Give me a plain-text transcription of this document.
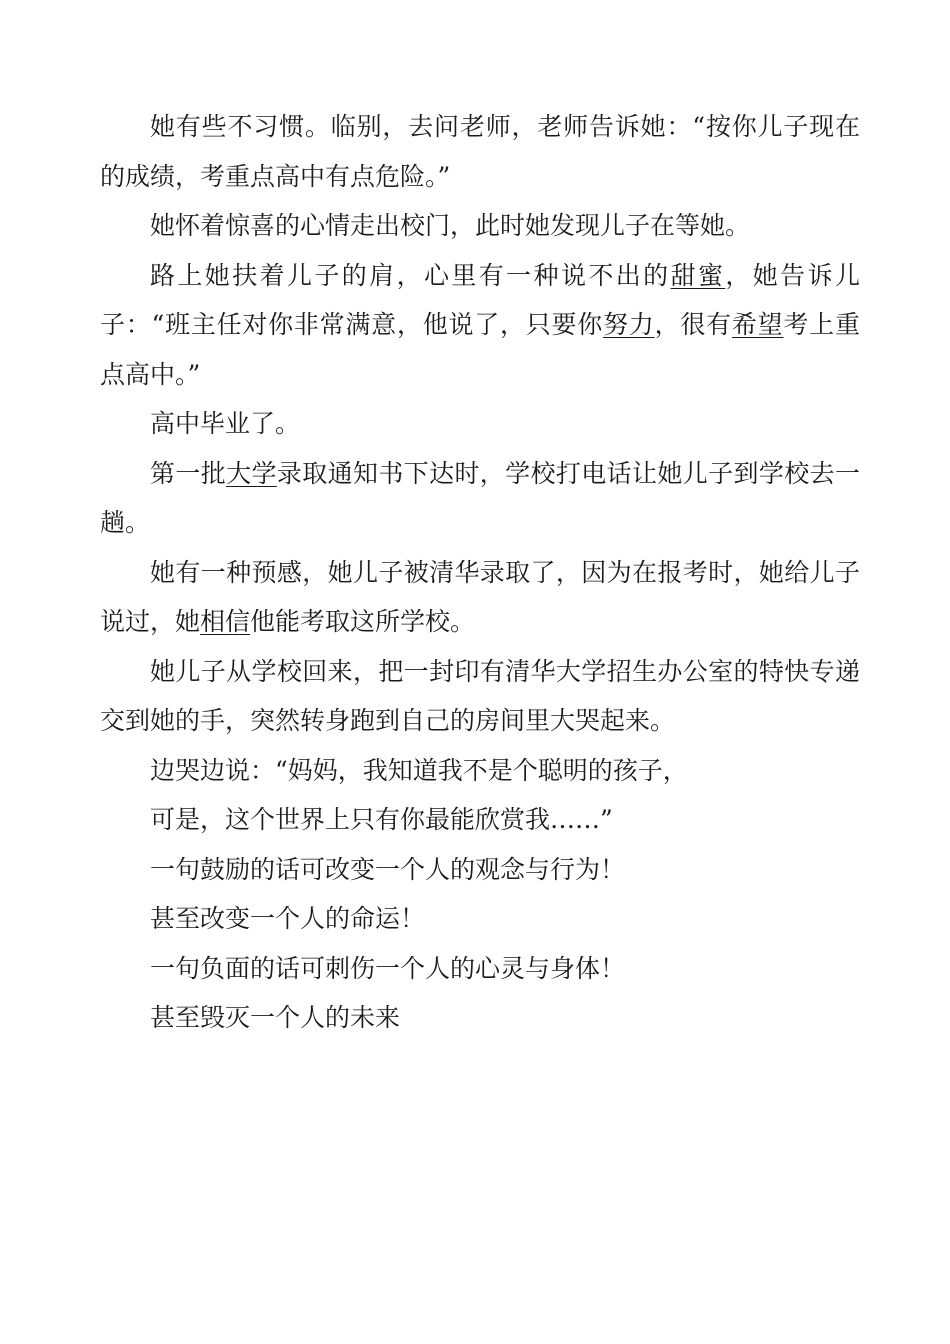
她有些不习惯。临别，去问老师，老师告诉她：“按你儿子现在的成绩，考重点高中有点危险。”

她怀着惊喜的心情走出校门，此时她发现儿子在等她。

路上她扶着儿子的肩，心里有一种说不出的甜蜜，她告诉儿子：“班主任对你非常满意，他说了，只要你努力，很有希望考上重点高中。”

高中毕业了。

第一批大学录取通知书下达时，学校打电话让她儿子到学校去一趟。

她有一种预感，她儿子被清华录取了，因为在报考时，她给儿子说过，她相信他能考取这所学校。

她儿子从学校回来，把一封印有清华大学招生办公室的特快专递交到她的手，突然转身跑到自己的房间里大哭起来。

边哭边说：“妈妈，我知道我不是个聪明的孩子，

可是，这个世界上只有你最能欣赏我……”

一句鼓励的话可改变一个人的观念与行为！

甚至改变一个人的命运！

一句负面的话可刺伤一个人的心灵与身体！

甚至毁灭一个人的未来
